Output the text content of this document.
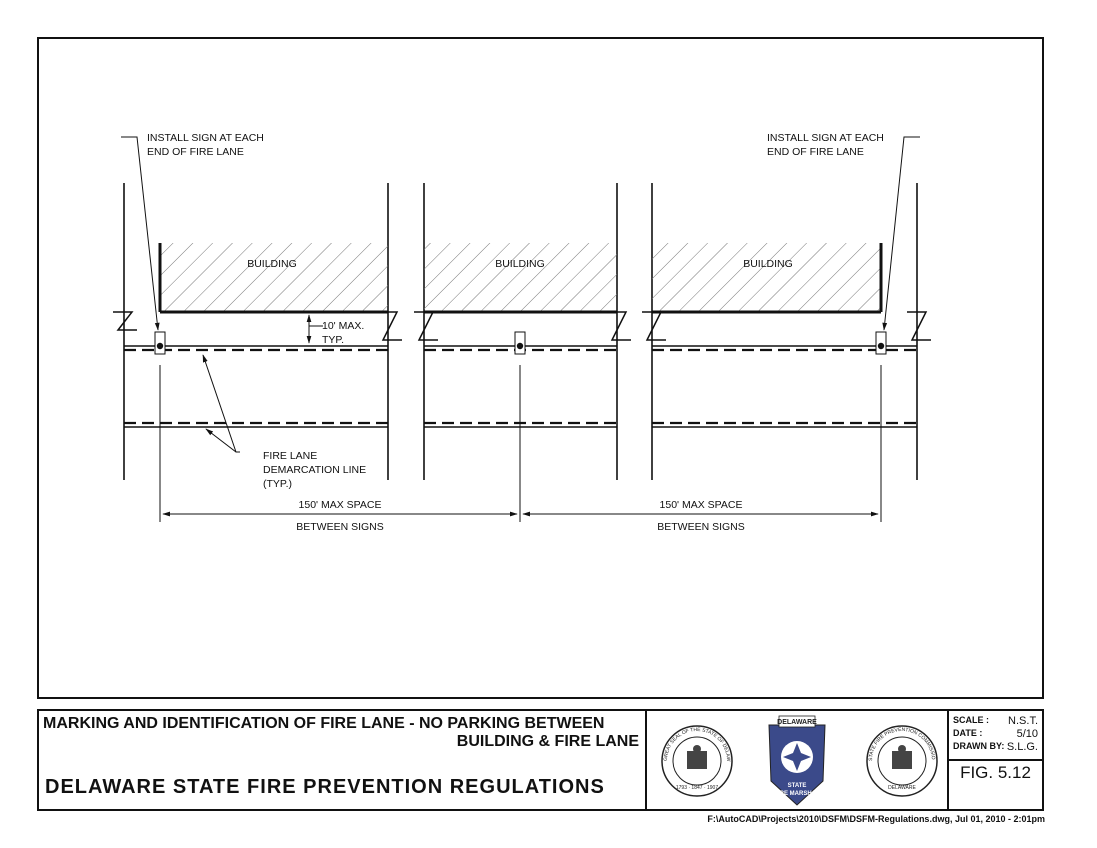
BUILDING	BUILDING	BUILDING
INSTALL SIGN AT EACH
END OF FIRE LANE
INSTALL SIGN AT EACH
END OF FIRE LANE
10' MAX.
TYP.
FIRE LANE
DEMARCATION LINE
(TYP.)
150' MAX SPACE
BETWEEN SIGNS
150' MAX SPACE
BETWEEN SIGNS
MARKING AND IDENTIFICATION OF FIRE LANE - NO PARKING BETWEEN
BUILDING & FIRE LANE
DELAWARE STATE FIRE PREVENTION REGULATIONS
GREAT SEAL OF THE STATE OF DELAW
1793 · 1847 · 1907
DELAWARE
STATE
FIRE MARSHAL
STATE FIRE PREVENTION COMMISSIO
DELAWARE
SCALE : N.S.T.
DATE :	5/10
DRAWN BY: S.L.G.
FIG. 5.12
F:\AutoCAD\Projects\2010\DSFM\DSFM-Regulations.dwg, Jul 01, 2010 - 2:01pm
